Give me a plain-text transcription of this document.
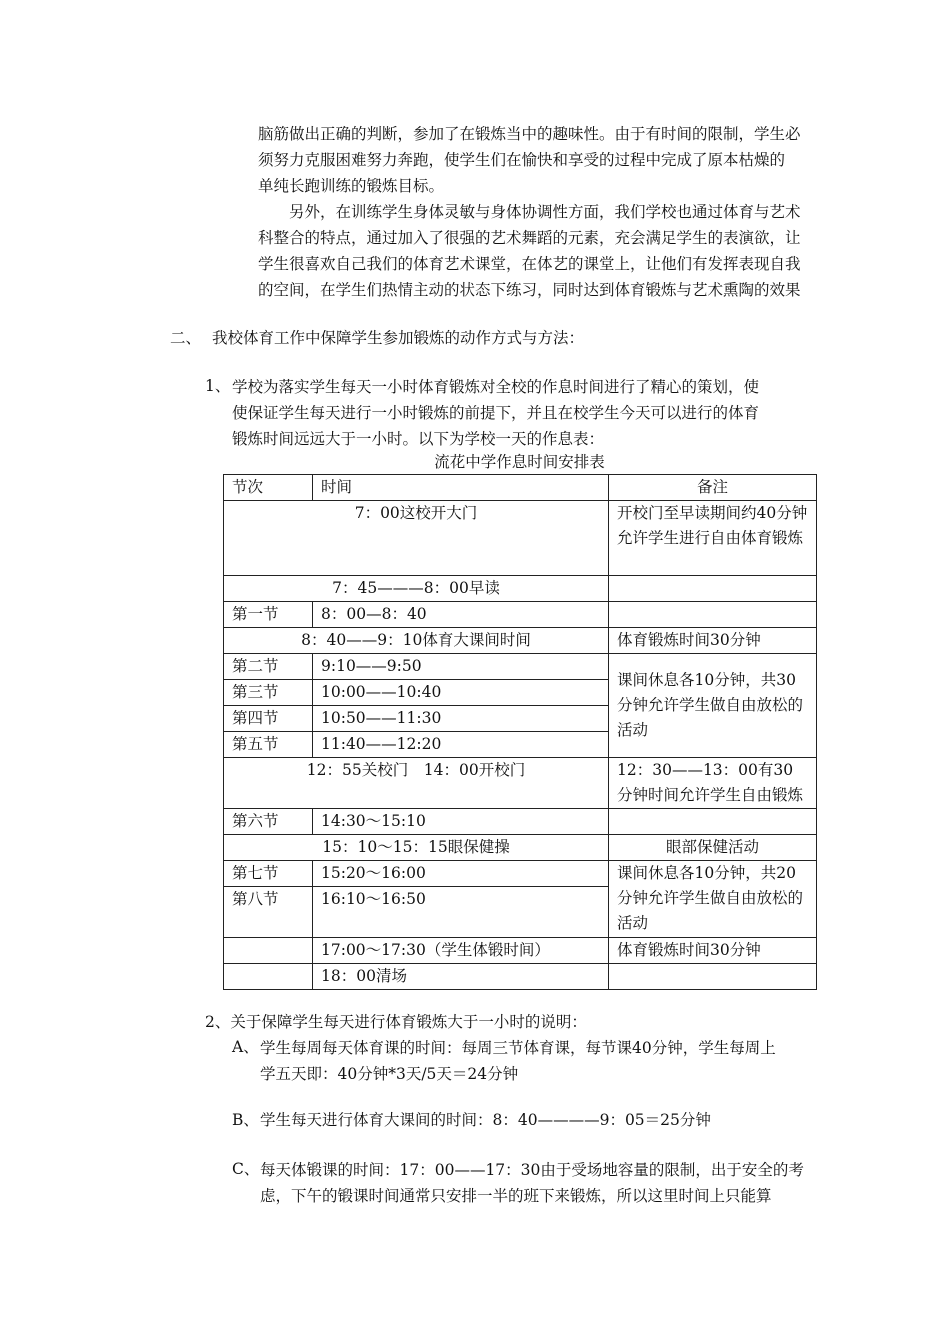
脑筋做出正确的判断，参加了在锻炼当中的趣味性。由于有时间的限制，学生必

须努力克服困难努力奔跑，使学生们在愉快和享受的过程中完成了原本枯燥的

单纯长跑训练的锻炼目标。

另外，在训练学生身体灵敏与身体协调性方面，我们学校也通过体育与艺术

科整合的特点，通过加入了很强的艺术舞蹈的元素，充会满足学生的表演欲，让

学生很喜欢自己我们的体育艺术课堂，在体艺的课堂上，让他们有发挥表现自我

的空间，在学生们热情主动的状态下练习，同时达到体育锻炼与艺术熏陶的效果

二、 我校体育工作中保障学生参加锻炼的动作方式与方法：
1、 学校为落实学生每天一小时体育锻炼对全校的作息时间进行了精心的策划，使

使保证学生每天进行一小时锻炼的前提下，并且在校学生今天可以进行的体育

锻炼时间远远大于一小时。以下为学校一天的作息表：

流花中学作息时间安排表
节次	时间	备注
7：00这校开大门		开校门至早读期间约40分钟允许学生进行自由体育锻炼
7：45———8：00早读		
第一节	8：00—8：40	
8：40——9：10体育大课间时间		体育锻炼时间30分钟
第二节	9:10——9:50	课间休息各10分钟，共30分钟允许学生做自由放松的活动
第三节	10:00——10:40	
第四节	10:50——11:30	
第五节	11:40——12:20	
12：55关校门　14：00开校门		12：30——13：00有30分钟时间允许学生自由锻炼
第六节	14:30～15:10	
15：10～15：15眼保健操		眼部保健活动
第七节	15:20～16:00	课间休息各10分钟，共20分钟允许学生做自由放松的活动
第八节	16:10～16:50	
	17:00～17:30（学生体锻时间）	体育锻炼时间30分钟
	18：00清场	
2、关于保障学生每天进行体育锻炼大于一小时的说明：
A、 学生每周每天体育课的时间：每周三节体育课，每节课40分钟，学生每周上

学五天即：40分钟*3天/5天＝24分钟

B、 学生每天进行体育大课间的时间：8：40————9：05＝25分钟
C、 每天体锻课的时间：17：00——17：30由于受场地容量的限制，出于安全的考

虑，下午的锻课时间通常只安排一半的班下来锻炼，所以这里时间上只能算
